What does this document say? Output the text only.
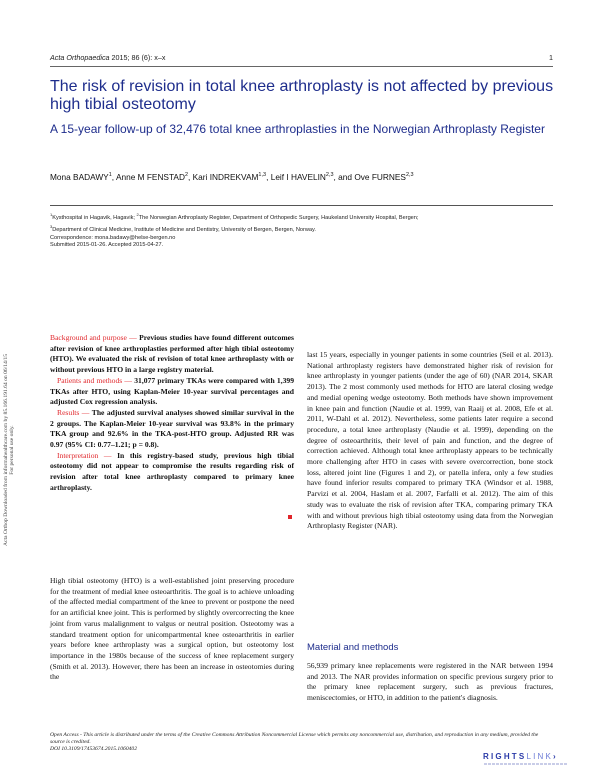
Acta Orthopaedica 2015; 86 (6): x–x	1
The risk of revision in total knee arthroplasty is not affected by previous high tibial osteotomy
A 15-year follow-up of 32,476 total knee arthroplasties in the Norwegian Arthroplasty Register
Mona BADAWY$^1$, Anne M FENSTAD$^2$, Kari INDREKVAM$^{1,3}$, Leif I HAVELIN$^{2,3}$, and Ove FURNES$^{2,3}$
$^1$Kysthospital in Hagavik, Hagavik; $^2$The Norwegian Arthroplasty Register, Department of Orthopedic Surgery, Haukeland University Hospital, Bergen;
$^3$Department of Clinical Medicine, Institute of Medicine and Dentistry, University of Bergen, Bergen, Norway.
Correspondence: mona.badawy@helse-bergen.no
Submitted 2015-01-26. Accepted 2015-04-27.

Background and purpose — Previous studies have found different outcomes after revision of knee arthroplasties performed after high tibial osteotomy (HTO). We evaluated the risk of revision of total knee arthroplasty with or without previous HTO in a large registry material.

Patients and methods — 31,077 primary TKAs were compared with 1,399 TKAs after HTO, using Kaplan-Meier 10-year survival percentages and adjusted Cox regression analysis.

Results — The adjusted survival analyses showed similar survival in the 2 groups. The Kaplan-Meier 10-year survival was 93.8% in the primary TKA group and 92.6% in the TKA-post-HTO group. Adjusted RR was 0.97 (95% CI: 0.77–1.21; p = 0.8).

Interpretation — In this registry-based study, previous high tibial osteotomy did not appear to compromise the results regarding risk of revision after total knee arthroplasty compared to primary knee arthroplasty.

High tibial osteotomy (HTO) is a well-established joint preserving procedure for the treatment of medial knee osteoarthritis. The goal is to achieve unloading of the affected medial compartment of the knee to prevent or postpone the need for an artificial knee joint. This is performed by slightly overcorrecting the knee joint from varus malalignment to valgus or neutral position. Osteotomy was a standard treatment option for unicompartmental knee osteoarthritis in earlier years before knee arthroplasty was a surgical option, but osteotomy lost importance in the 1980s because of the success of knee replacement surgery (Smith et al. 2013). However, there has been an increase in osteotomies during the

last 15 years, especially in younger patients in some countries (Seil et al. 2013). National arthroplasty registers have demonstrated higher risk of revision for knee arthroplasty in younger patients (under the age of 60) (NAR 2014, SKAR 2013). The 2 most commonly used methods for HTO are lateral closing wedge and medial opening wedge osteotomy. Both methods have shown improvement in knee pain and function (Naudie et al. 1999, van Raaij et al. 2008, Efe et al. 2011, W-Dahl et al. 2012). Nevertheless, some patients later require a second procedure, a total knee arthroplasty (Naudie et al. 1999), depending on the degree of osteoarthritis, their level of pain and function, and the degree of correction achieved. Although total knee arthroplasty appears to be technically more challenging after HTO in cases with severe overcorrection, bone stock loss, altered joint line (Figures 1 and 2), or patella infera, only a few studies have found inferior results compared to primary TKA (Windsor et al. 1988, Parvizi et al. 2004, Haslam et al. 2007, Farfalli et al. 2012). The aim of this study was to evaluate the risk of revision after TKA, comparing primary TKA with and without previous high tibial osteotomy using data from the Norwegian Arthroplasty Register (NAR).

Material and methods

56,939 primary knee replacements were registered in the NAR between 1994 and 2013. The NAR provides information on specific previous surgery prior to the primary knee replacement surgery, such as previous fractures, meniscectomies, or HTO, in addition to the patient's diagnosis.

Acta Orthop Downloaded from informahealthcare.com by 85.166.191.64 on 06/14/15 For personal use only.
Open Access - This article is distributed under the terms of the Creative Commons Attribution Noncommercial License which permits any noncommercial use, distribution, and reproduction in any medium, provided the source is credited.
DOI 10.3109/17453674.2015.1060402
RIGHTSLINK›
